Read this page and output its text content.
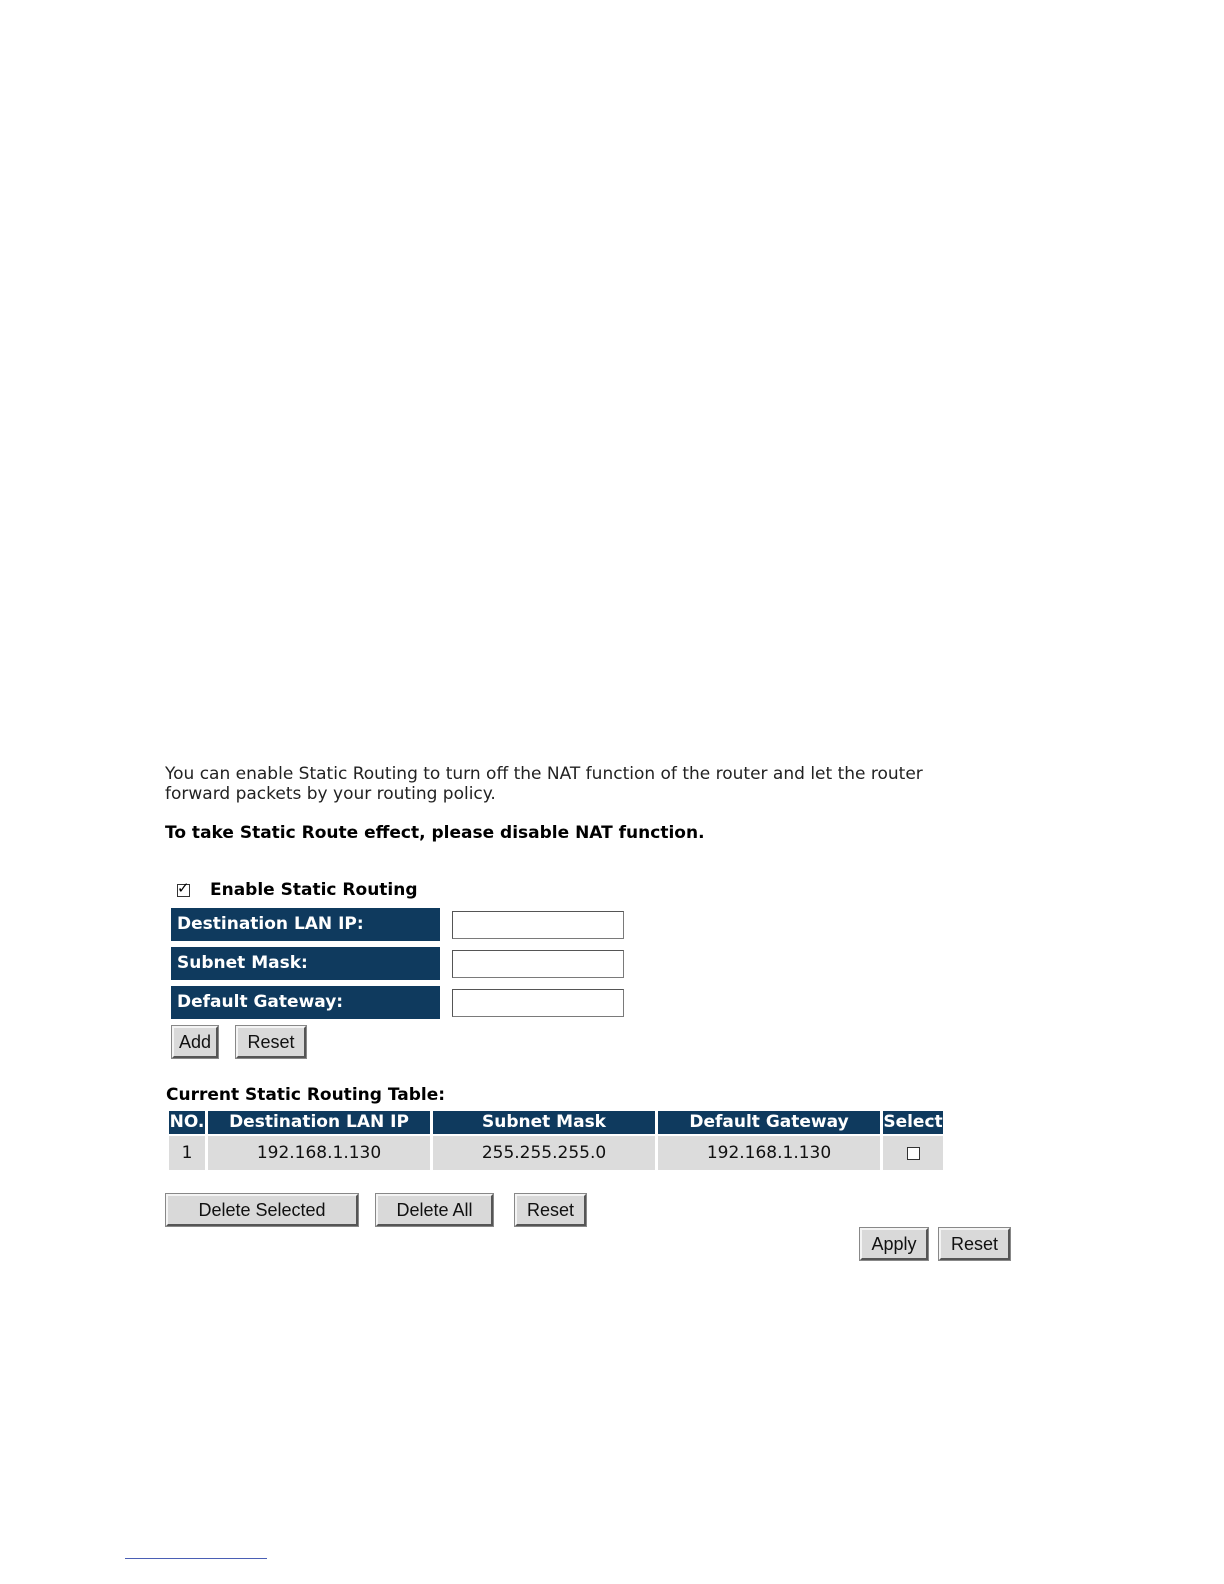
You can enable Static Routing to turn off the NAT function of the router and let the router forward packets by your routing policy.
To take Static Route effect, please disable NAT function.
✓ Enable Static Routing
Destination LAN IP:
Subnet Mask:
Default Gateway:
Add	Reset
Current Static Routing Table:
NO.	Destination LAN IP	Subnet Mask	Default Gateway	Select
1	192.168.1.130	255.255.255.0	192.168.1.130	
Delete Selected	Delete All	Reset
Apply	Reset
